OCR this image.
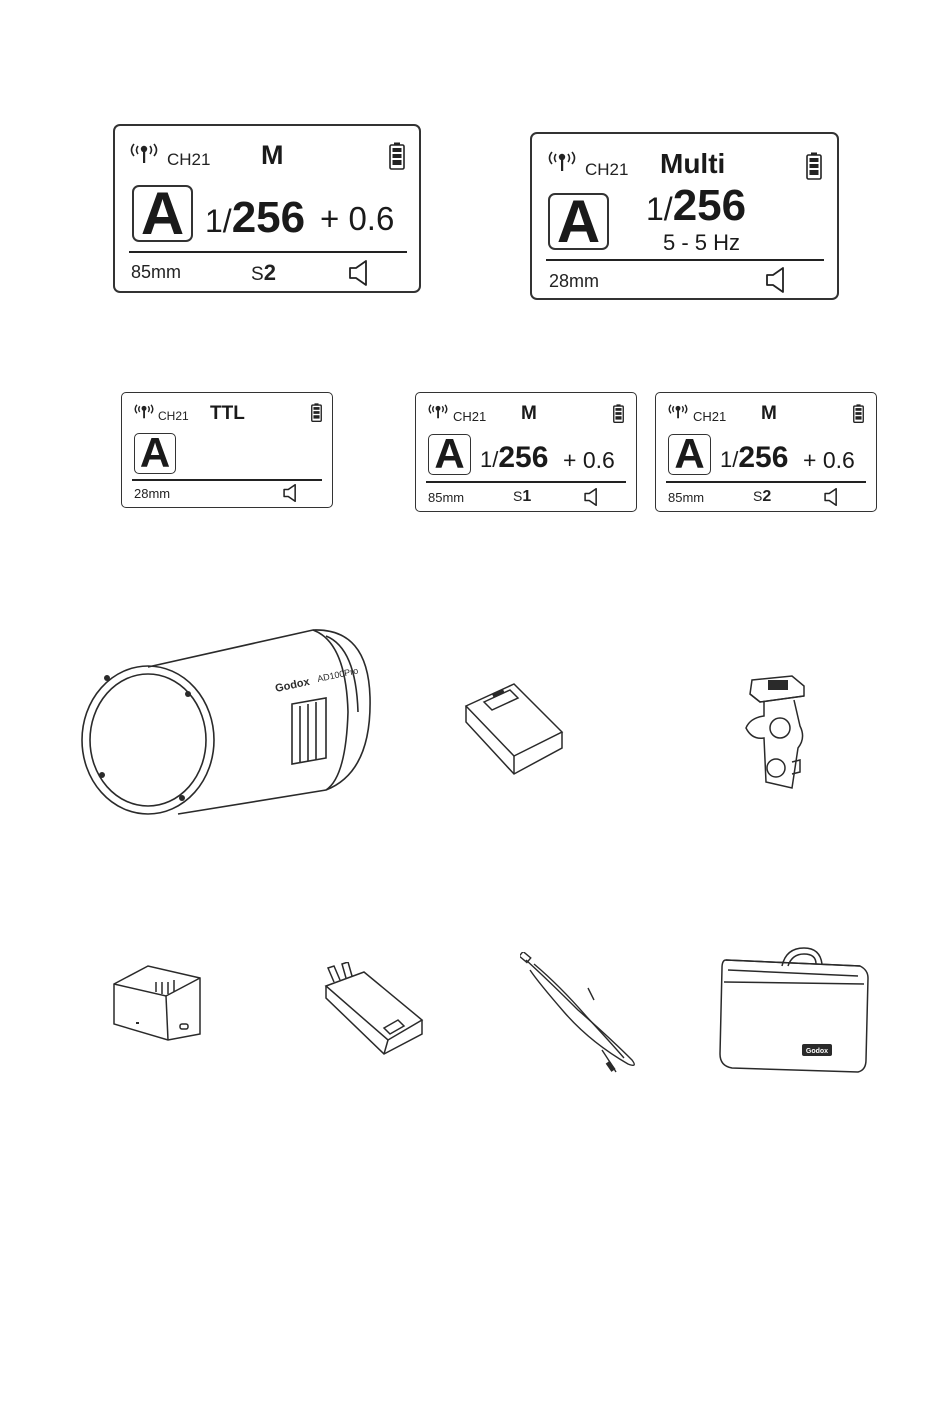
CH21 M
A 1/256 + 0.6
85mm	S2
CH21 Multi
A 1/256
5 - 5 Hz
28mm
CH21 TTL
A
28mm
CH21 M
A 1/256 + 0.6
85mm	S1
CH21 M
A 1/256 + 0.6
85mm	S2
Godox
AD100Pro
Godox
